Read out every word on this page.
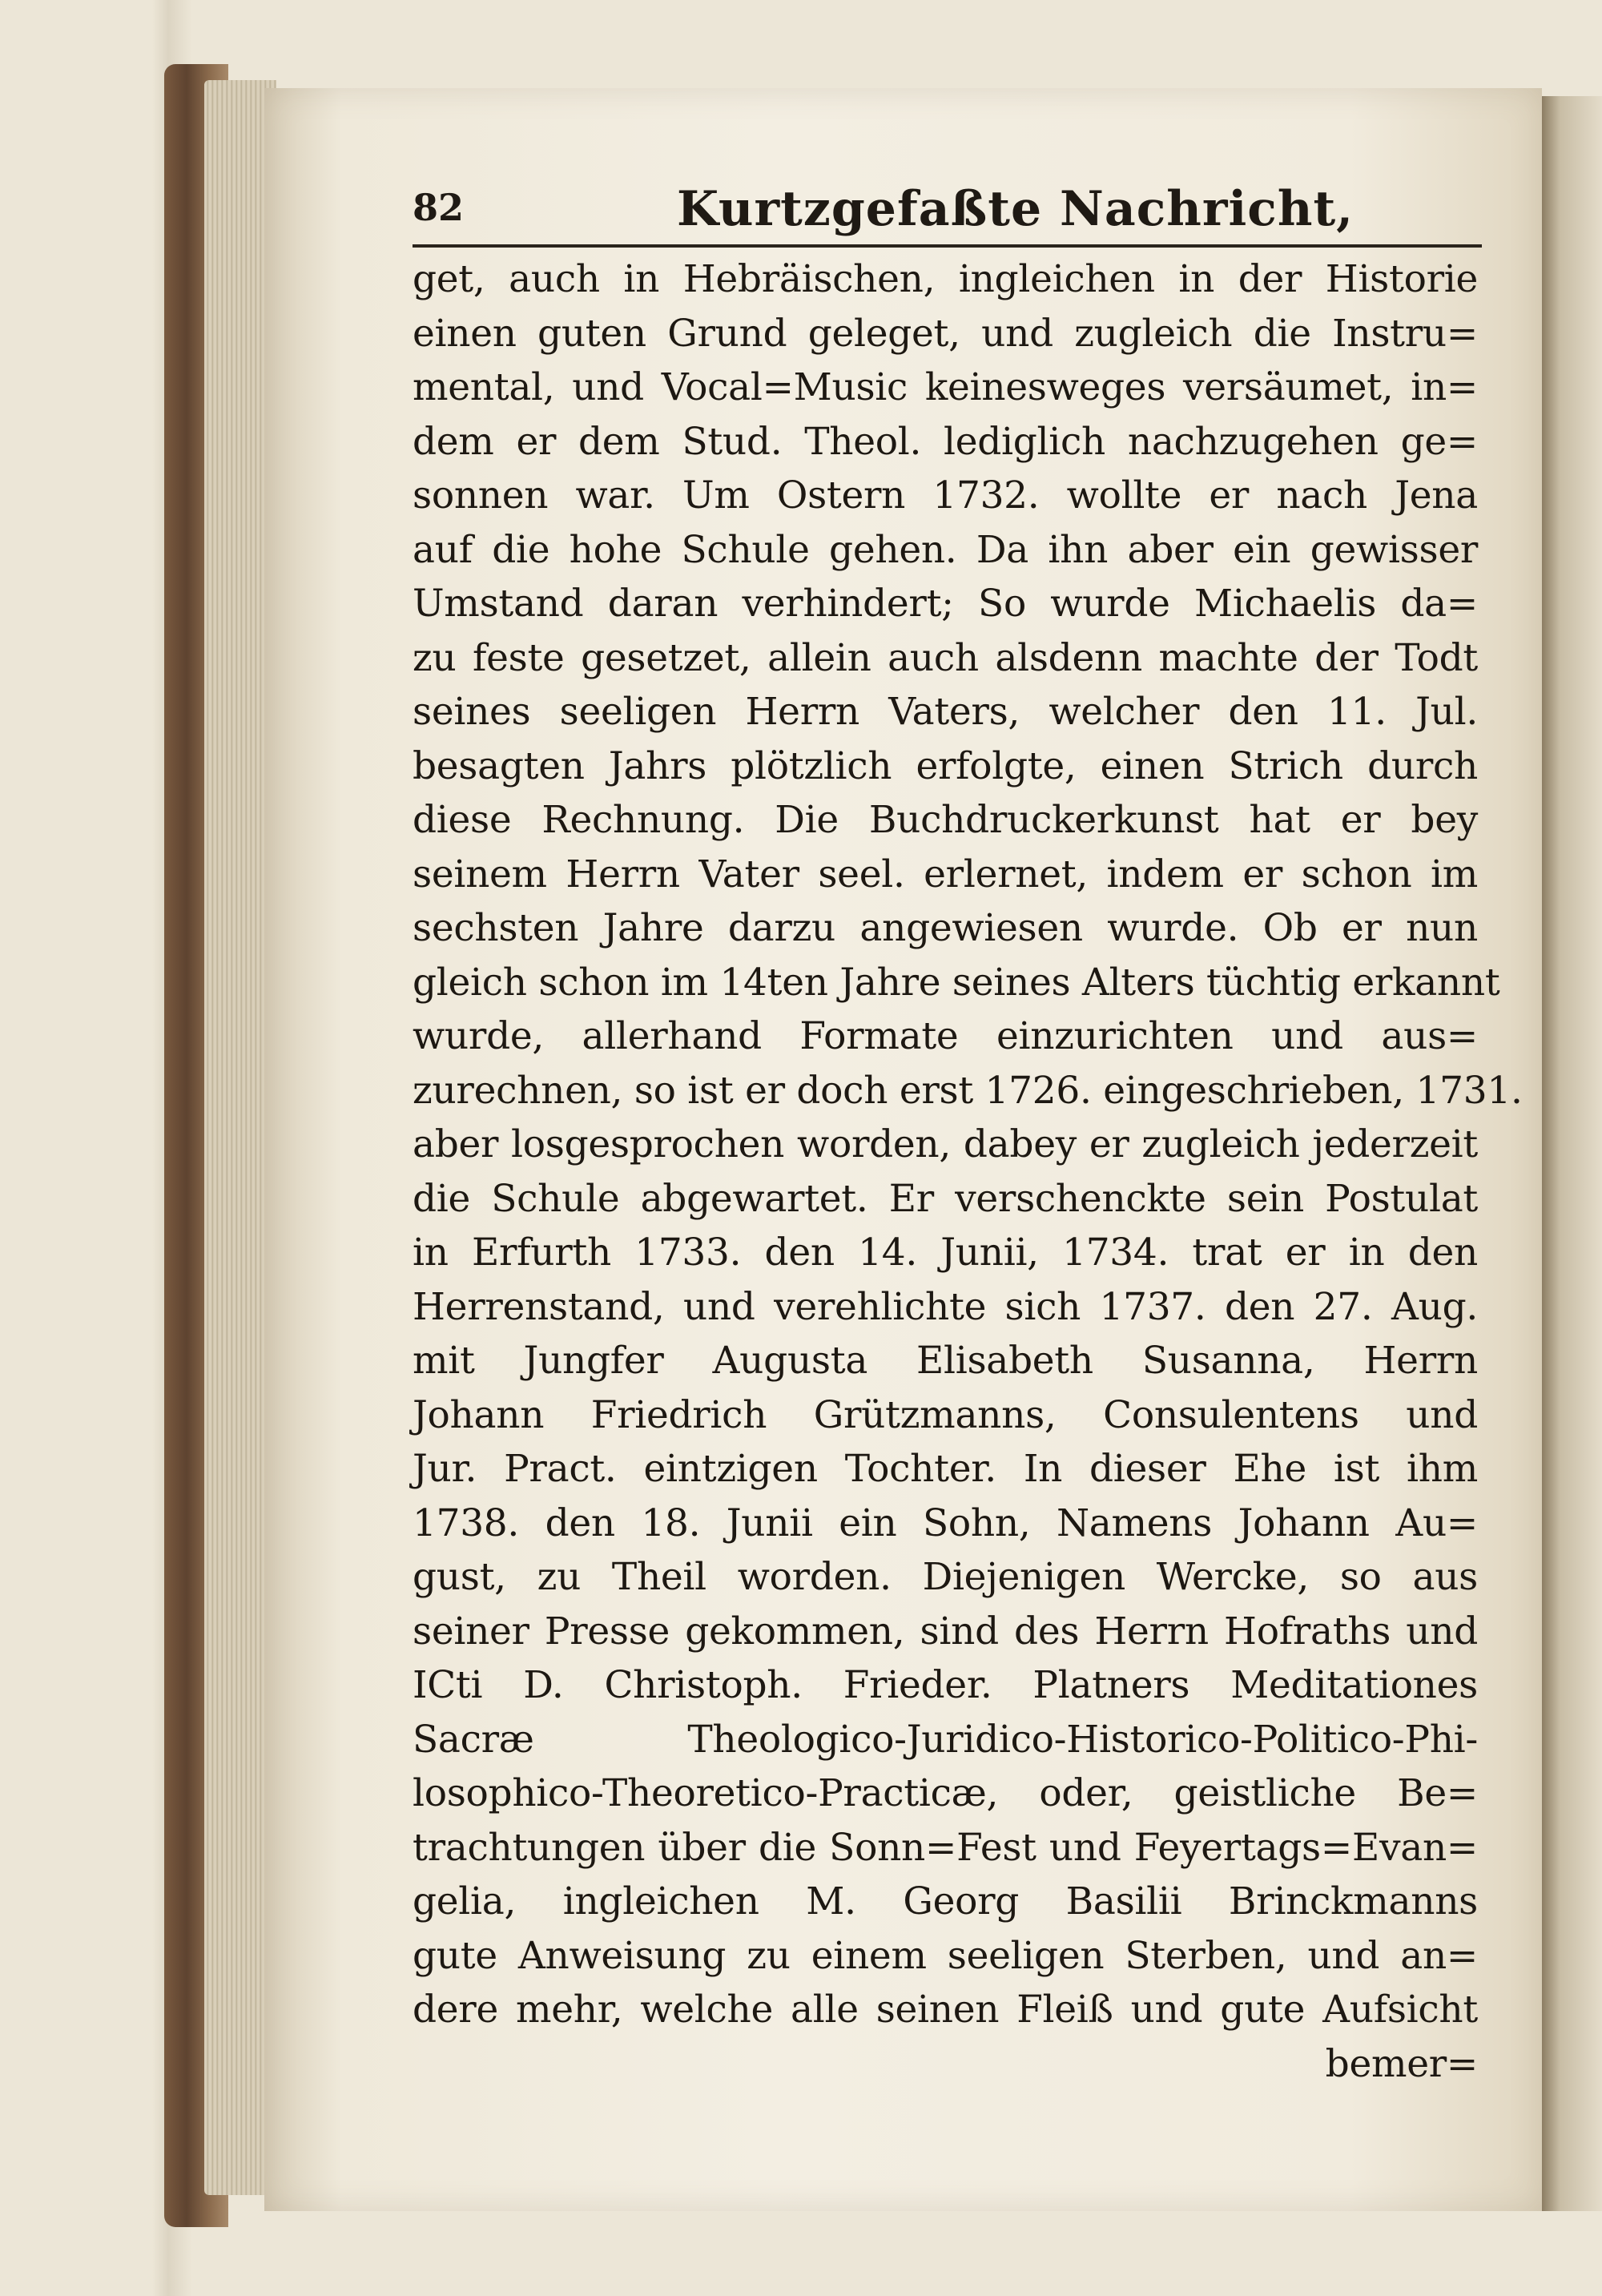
82	Kurtzgefaßte Nachricht,
get, auch in Hebräischen, ingleichen in der Historie
einen guten Grund geleget, und zugleich die Instru=
mental, und Vocal=Music keinesweges versäumet, in=
dem er dem Stud. Theol. lediglich nachzugehen ge=
sonnen war. Um Ostern 1732. wollte er nach Jena
auf die hohe Schule gehen. Da ihn aber ein gewisser
Umstand daran verhindert; So wurde Michaelis da=
zu feste gesetzet, allein auch alsdenn machte der Todt
seines seeligen Herrn Vaters, welcher den 11. Jul.
besagten Jahrs plötzlich erfolgte, einen Strich durch
diese Rechnung. Die Buchdruckerkunst hat er bey
seinem Herrn Vater seel. erlernet, indem er schon im
sechsten Jahre darzu angewiesen wurde. Ob er nun
gleich schon im 14ten Jahre seines Alters tüchtig erkannt
wurde, allerhand Formate einzurichten und aus=
zurechnen, so ist er doch erst 1726. eingeschrieben, 1731.
aber losgesprochen worden, dabey er zugleich jederzeit
die Schule abgewartet. Er verschenckte sein Postulat
in Erfurth 1733. den 14. Junii, 1734. trat er in den
Herrenstand, und verehlichte sich 1737. den 27. Aug.
mit Jungfer Augusta Elisabeth Susanna, Herrn
Johann Friedrich Grützmanns, Consulentens und
Jur. Pract. eintzigen Tochter. In dieser Ehe ist ihm
1738. den 18. Junii ein Sohn, Namens Johann Au=
gust, zu Theil worden. Diejenigen Wercke, so aus
seiner Presse gekommen, sind des Herrn Hofraths und
ICti D. Christoph. Frieder. Platners Meditationes
Sacræ Theologico-Juridico-Historico-Politico-Phi-
losophico-Theoretico-Practicæ, oder, geistliche Be=
trachtungen über die Sonn=Fest und Feyertags=Evan=
gelia, ingleichen M. Georg Basilii Brinckmanns
gute Anweisung zu einem seeligen Sterben, und an=
dere mehr, welche alle seinen Fleiß und gute Aufsicht
bemer=
